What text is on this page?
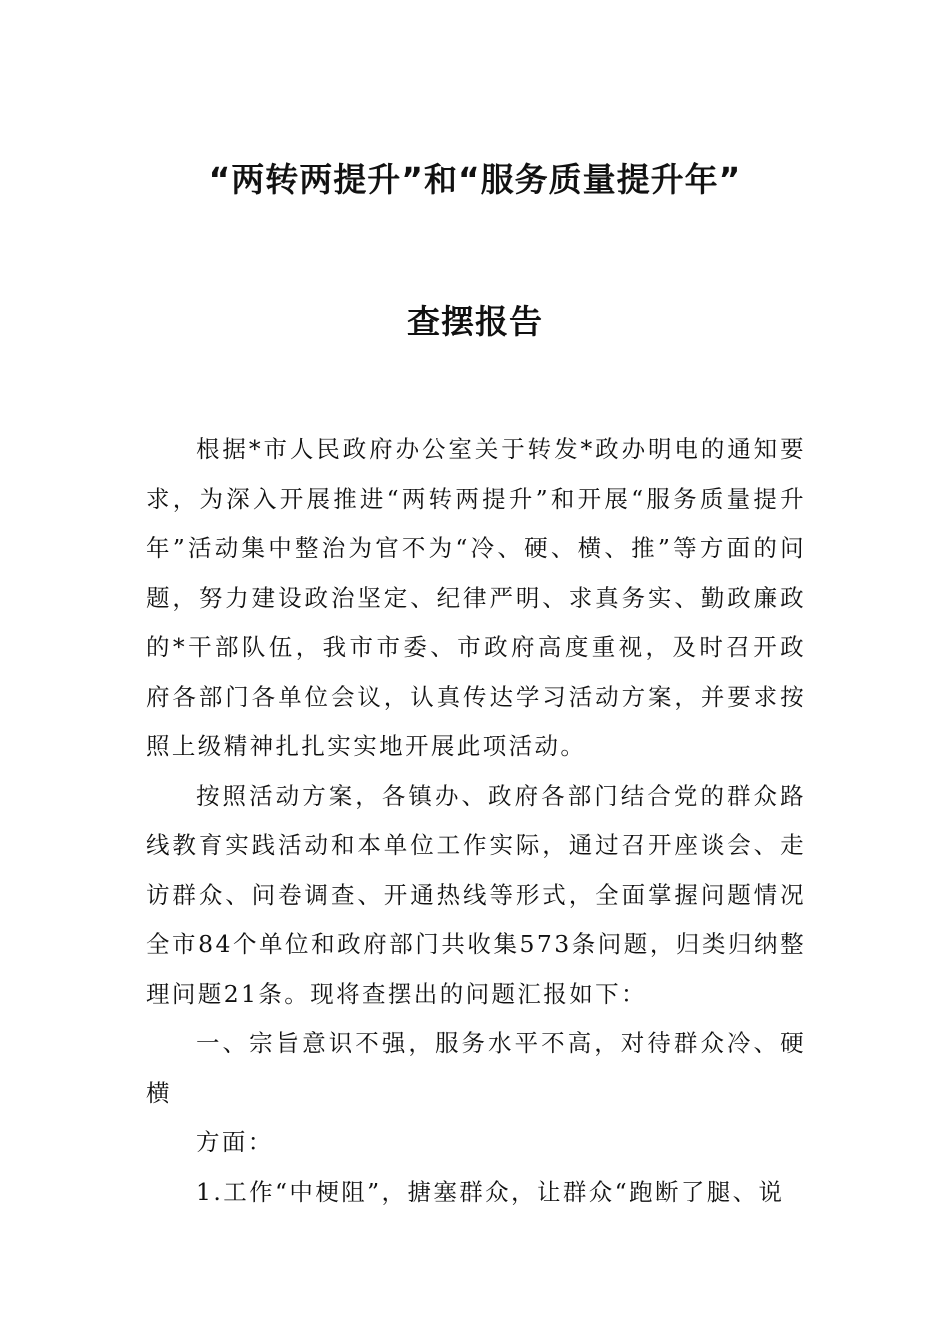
“两转两提升”和“服务质量提升年”
查摆报告

根据*市人民政府办公室关于转发*政办明电的通知要求，为深入开展推进“两转两提升”和开展“服务质量提升年”活动集中整治为官不为“冷、硬、横、推”等方面的问题，努力建设政治坚定、纪律严明、求真务实、勤政廉政的*干部队伍，我市市委、市政府高度重视，及时召开政府各部门各单位会议，认真传达学习活动方案，并要求按照上级精神扎扎实实地开展此项活动。

按照活动方案，各镇办、政府各部门结合党的群众路线教育实践活动和本单位工作实际，通过召开座谈会、走访群众、问卷调查、开通热线等形式，全面掌握问题情况全市84个单位和政府部门共收集573条问题，归类归纳整理问题21条。现将查摆出的问题汇报如下：

一、宗旨意识不强，服务水平不高，对待群众冷、硬横

方面：

1.工作“中梗阻”，搪塞群众，让群众“跑断了腿、说
